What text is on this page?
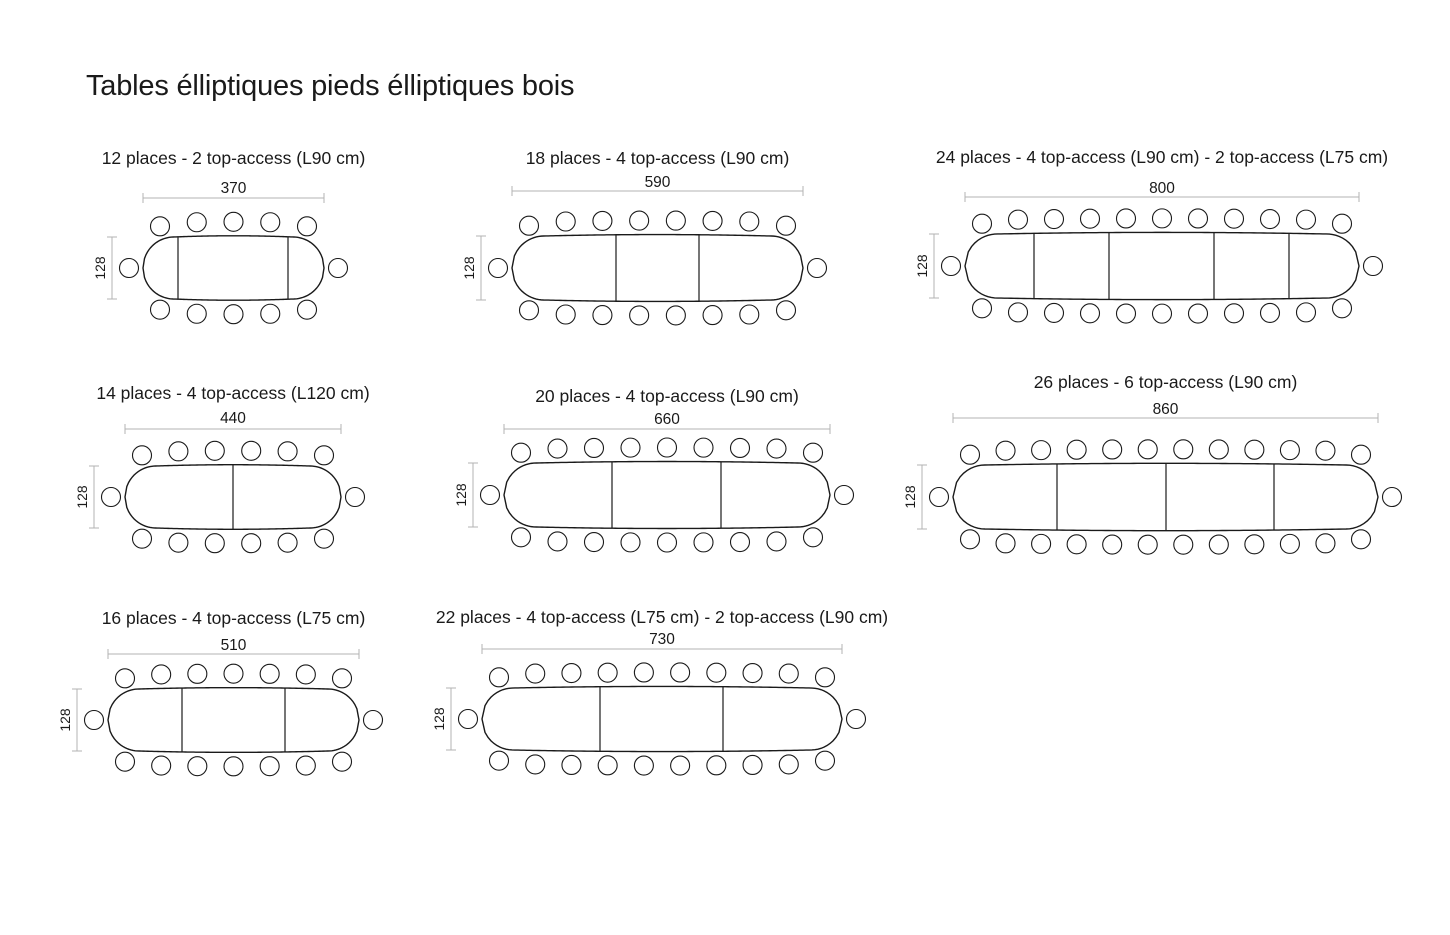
Tables élliptiques pieds élliptiques bois
12 places - 2 top-access (L90 cm)
370
128
18 places - 4 top-access (L90 cm)
590
128
24 places - 4 top-access (L90 cm) - 2 top-access (L75 cm)
800
128
14 places - 4 top-access (L120 cm)
440
128
20 places - 4 top-access (L90 cm)
660
128
26 places - 6 top-access (L90 cm)
860
128
16 places - 4 top-access (L75 cm)
510
128
22 places - 4 top-access (L75 cm) - 2 top-access (L90 cm)
730
128
